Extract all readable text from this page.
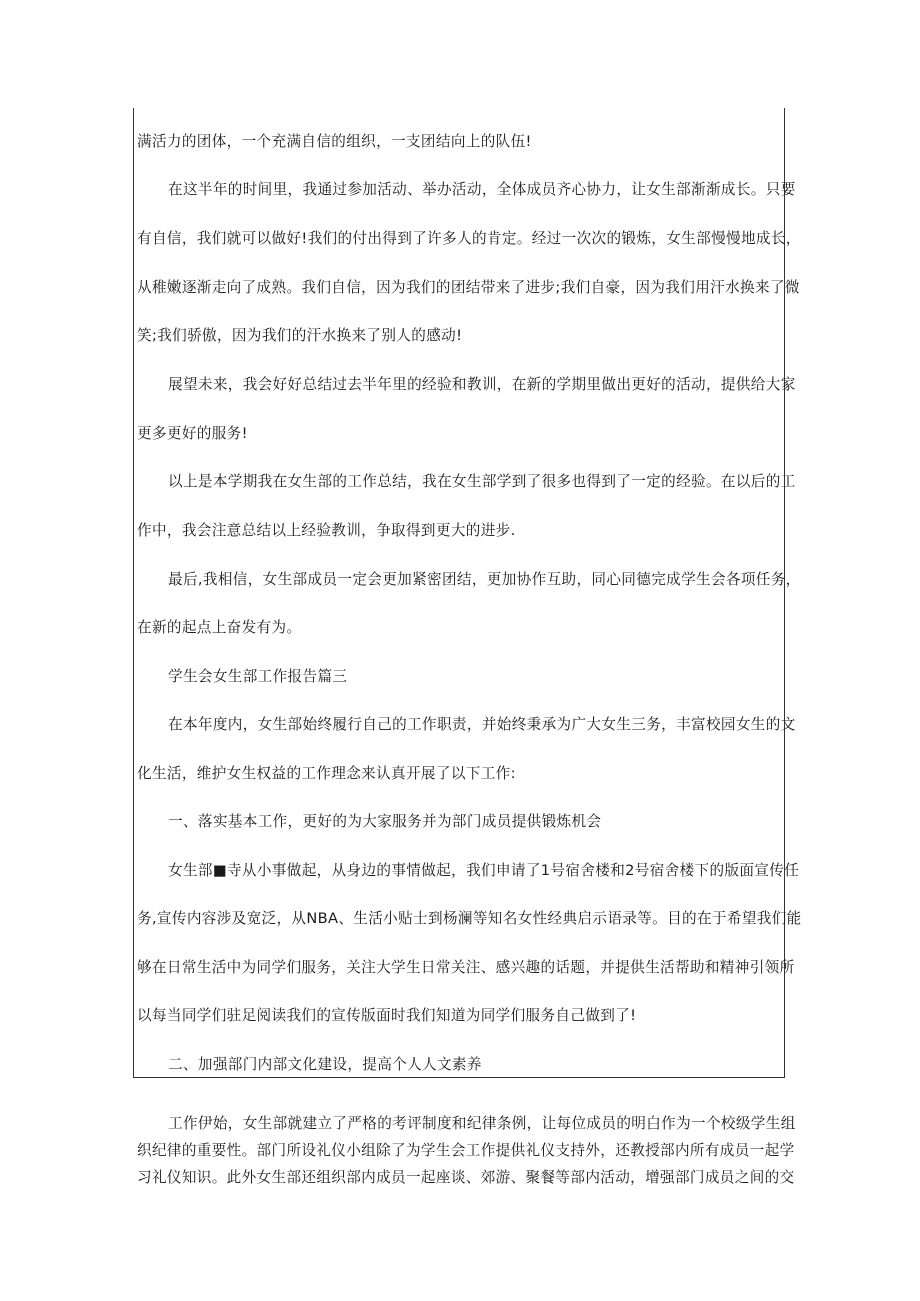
满活力的团体，一个充满自信的组织，一支团结向上的队伍!
在这半年的时间里，我通过参加活动、举办活动，全体成员齐心协力，让女生部渐渐成长。只要
有自信，我们就可以做好!我们的付出得到了许多人的肯定。经过一次次的锻炼，女生部慢慢地成长，
从稚嫩逐渐走向了成熟。我们自信，因为我们的团结带来了进步;我们自豪，因为我们用汗水换来了微
笑;我们骄傲，因为我们的汗水换来了别人的感动!
展望未来，我会好好总结过去半年里的经验和教训，在新的学期里做出更好的活动，提供给大家
更多更好的服务!
以上是本学期我在女生部的工作总结，我在女生部学到了很多也得到了一定的经验。在以后的工
作中，我会注意总结以上经验教训，争取得到更大的进步.
最后,我相信，女生部成员一定会更加紧密团结，更加协作互助，同心同德完成学生会各项任务，
在新的起点上奋发有为。
学生会女生部工作报告篇三
在本年度内，女生部始终履行自己的工作职责，并始终秉承为广大女生三务，丰富校园女生的文
化生活，维护女生权益的工作理念来认真开展了以下工作:
一、落实基本工作，更好的为大家服务并为部门成员提供锻炼机会
女生部■寺从小事做起，从身边的事情做起，我们申请了1号宿舍楼和2号宿舍楼下的版面宣传任
务,宣传内容涉及宽泛，从NBA、生活小贴士到杨澜等知名女性经典启示语录等。目的在于希望我们能
够在日常生活中为同学们服务，关注大学生日常关注、感兴趣的话题，并提供生活帮助和精神引领所
以每当同学们驻足阅读我们的宣传版面时我们知道为同学们服务自己做到了!
二、加强部门内部文化建设，提高个人人文素养
工作伊始，女生部就建立了严格的考评制度和纪律条例，让每位成员的明白作为一个校级学生组
织纪律的重要性。部门所设礼仪小组除了为学生会工作提供礼仪支持外，还教授部内所有成员一起学
习礼仪知识。此外女生部还组织部内成员一起座谈、郊游、聚餐等部内活动，增强部门成员之间的交
